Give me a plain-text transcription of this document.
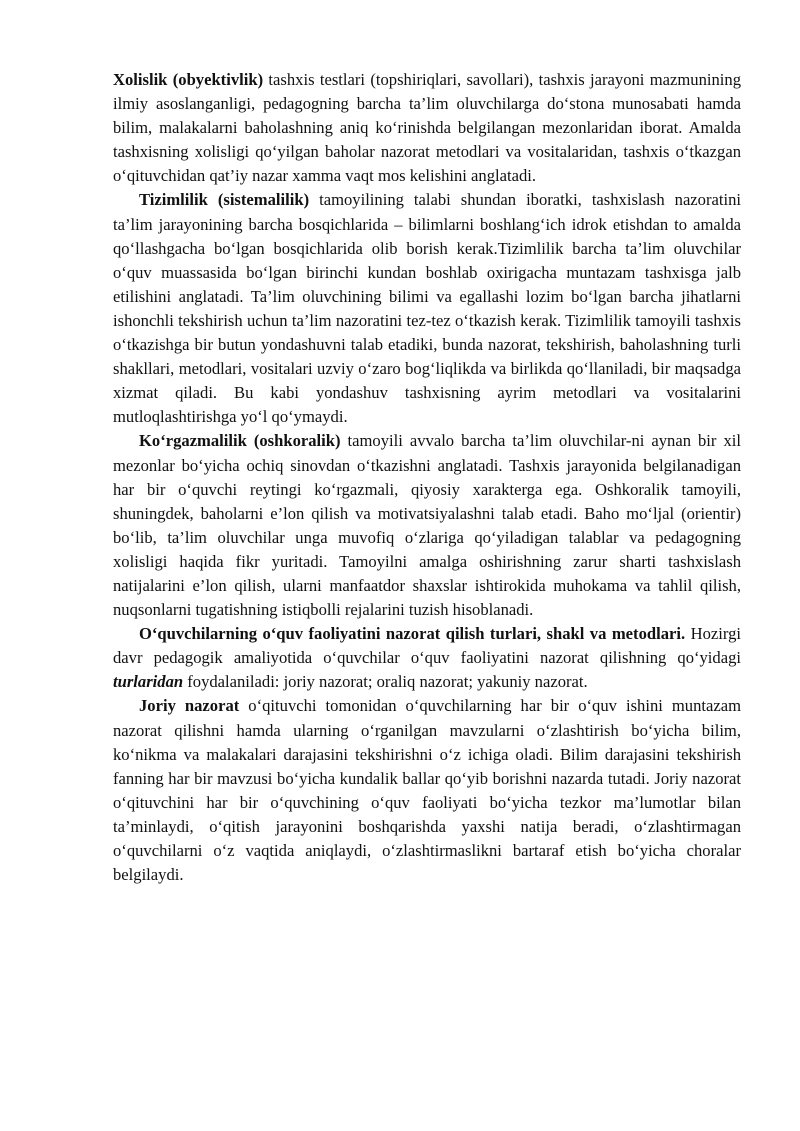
Xolislik (obyektivlik) tashxis testlari (topshiriqlari, savollari), tashxis jarayoni mazmunining ilmiy asoslanganligi, pedagogning barcha ta’lim oluvchilarga do‘stona munosabati hamda bilim, malakalarni baholashning aniq ko‘rinishda belgilangan mezonlaridan iborat. Amalda tashxisning xolisligi qo‘yilgan baholar nazorat metodlari va vositalaridan, tashxis o‘tkazgan o‘qituvchidan qat’iy nazar xamma vaqt mos kelishini anglatadi.

Tizimlilik (sistemalilik) tamoyilining talabi shundan iboratki, tashxislash nazoratini ta’lim jarayonining barcha bosqichlarida – bilimlarni boshlang‘ich idrok etishdan to amalda qo‘llashgacha bo‘lgan bosqichlarida olib borish kerak.Tizimlilik barcha ta’lim oluvchilar o‘quv muassasida bo‘lgan birinchi kundan boshlab oxirigacha muntazam tashxisga jalb etilishini anglatadi. Ta’lim oluvchining bilimi va egallashi lozim bo‘lgan barcha jihatlarni ishonchli tekshirish uchun ta’lim nazoratini tez-tez o‘tkazish kerak. Tizimlilik tamoyili tashxis o‘tkazishga bir butun yondashuvni talab etadiki, bunda nazorat, tekshirish, baholashning turli shakllari, metodlari, vositalari uzviy o‘zaro bog‘liqlikda va birlikda qo‘llaniladi, bir maqsadga xizmat qiladi. Bu kabi yondashuv tashxisning ayrim metodlari va vositalarini mutloqlashtirishga yo‘l qo‘ymaydi.

Ko‘rgazmalilik (oshkoralik) tamoyili avvalo barcha ta’lim oluvchilar-ni aynan bir xil mezonlar bo‘yicha ochiq sinovdan o‘tkazishni anglatadi. Tashxis jarayonida belgilanadigan har bir o‘quvchi reytingi ko‘rgazmali, qiyosiy xarakterga ega. Oshkoralik tamoyili, shuningdek, baholarni e’lon qilish va motivatsiyalashni talab etadi. Baho mo‘ljal (orientir) bo‘lib, ta’lim oluvchilar unga muvofiq o‘zlariga qo‘yiladigan talablar va pedagogning xolisligi haqida fikr yuritadi. Tamoyilni amalga oshirishning zarur sharti tashxislash natijalarini e’lon qilish, ularni manfaatdor shaxslar ishtirokida muhokama va tahlil qilish, nuqsonlarni tugatishning istiqbolli rejalarini tuzish hisoblanadi.

O‘quvchilarning o‘quv faoliyatini nazorat qilish turlari, shakl va metodlari. Hozirgi davr pedagogik amaliyotida o‘quvchilar o‘quv faoliyatini nazorat qilishning qo‘yidagi turlaridan foydalaniladi: joriy nazorat; oraliq nazorat; yakuniy nazorat.

Joriy nazorat o‘qituvchi tomonidan o‘quvchilarning har bir o‘quv ishini muntazam nazorat qilishni hamda ularning o‘rganilgan mavzularni o‘zlashtirish bo‘yicha bilim, ko‘nikma va malakalari darajasini tekshirishni o‘z ichiga oladi. Bilim darajasini tekshirish fanning har bir mavzusi bo‘yicha kundalik ballar qo‘yib borishni nazarda tutadi. Joriy nazorat o‘qituvchini har bir o‘quvchining o‘quv faoliyati bo‘yicha tezkor ma’lumotlar bilan ta’minlaydi, o‘qitish jarayonini boshqarishda yaxshi natija beradi, o‘zlashtirmagan o‘quvchilarni o‘z vaqtida aniqlaydi, o‘zlashtirmaslikni bartaraf etish bo‘yicha choralar belgilaydi.
